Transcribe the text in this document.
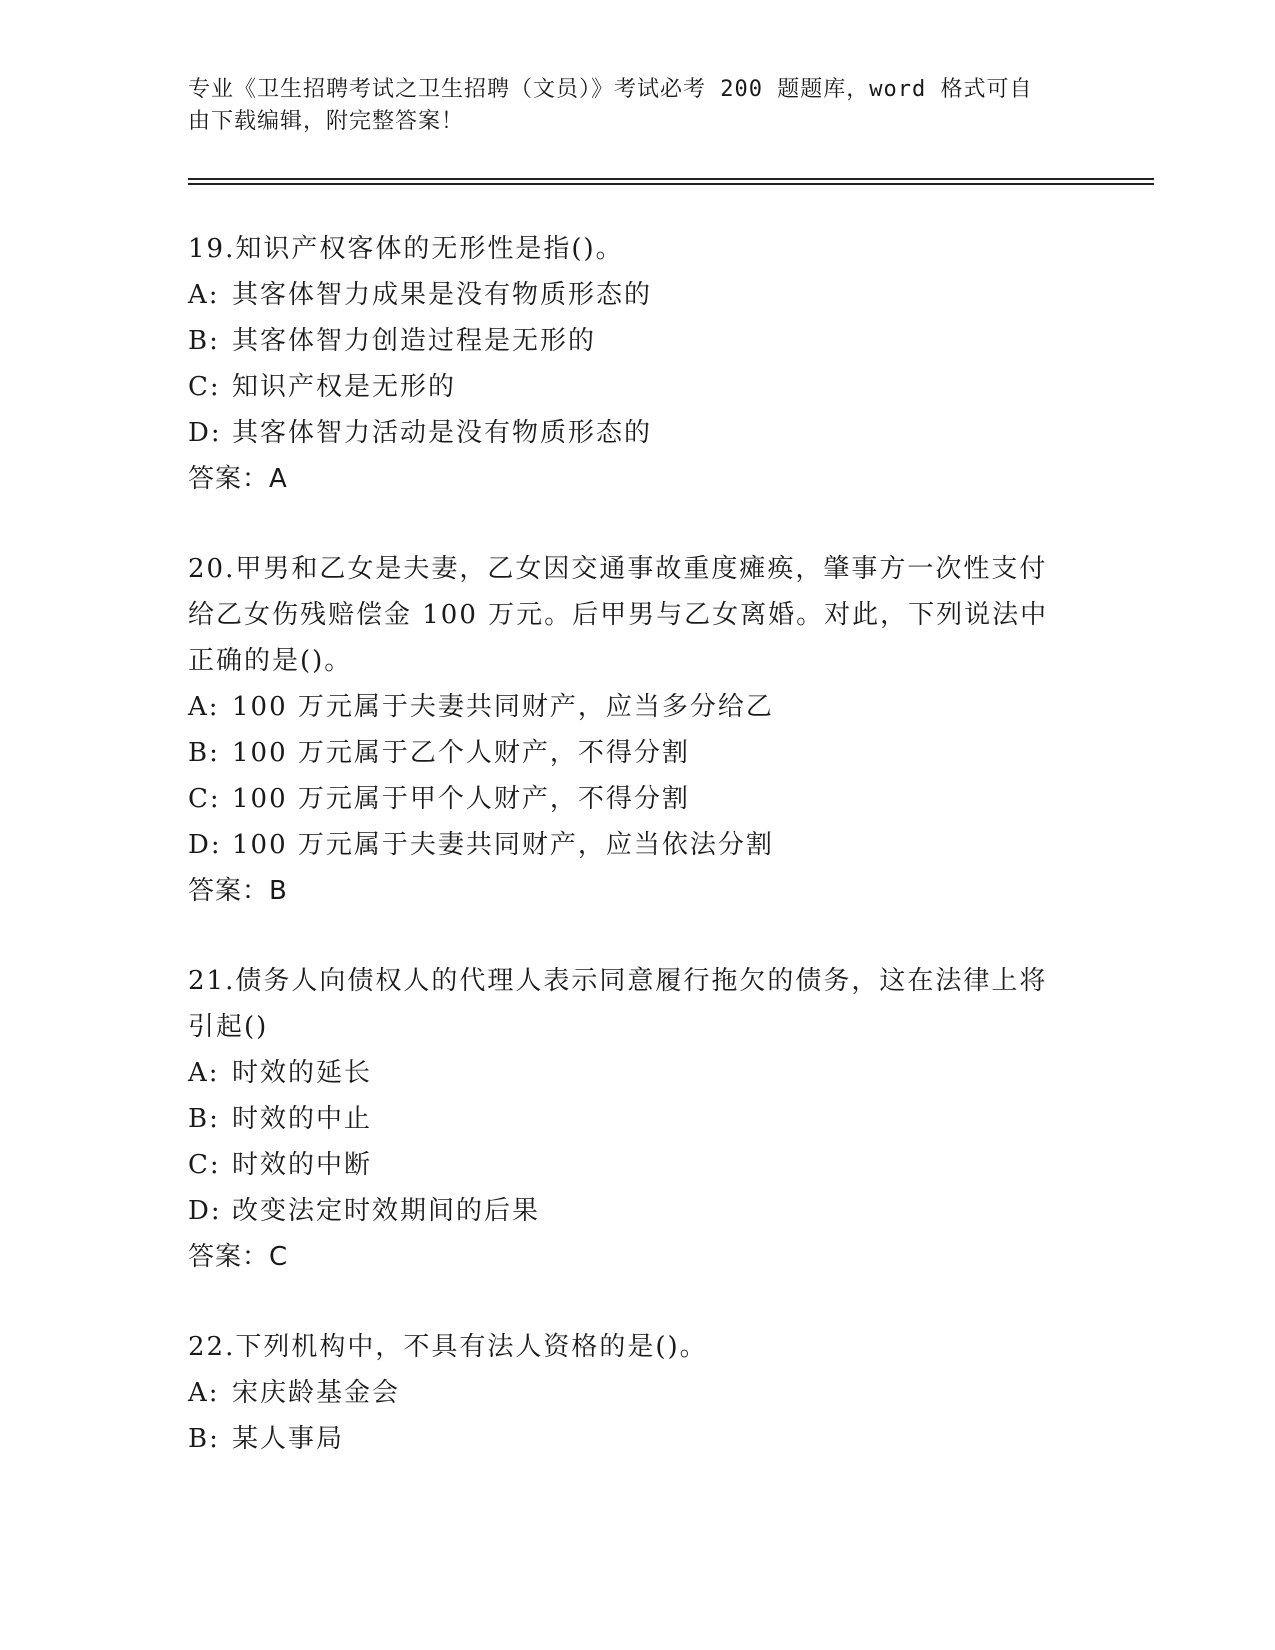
专业《卫生招聘考试之卫生招聘（文员）》考试必考 200 题题库，word 格式可自
由下载编辑，附完整答案！

19.知识产权客体的无形性是指()。

A: 其客体智力成果是没有物质形态的

B: 其客体智力创造过程是无形的

C: 知识产权是无形的

D: 其客体智力活动是没有物质形态的

答案：A

20.甲男和乙女是夫妻，乙女因交通事故重度瘫痪，肇事方一次性支付

给乙女伤残赔偿金 100 万元。后甲男与乙女离婚。对此，下列说法中

正确的是()。

A: 100 万元属于夫妻共同财产，应当多分给乙

B: 100 万元属于乙个人财产，不得分割

C: 100 万元属于甲个人财产，不得分割

D: 100 万元属于夫妻共同财产，应当依法分割

答案：B

21.债务人向债权人的代理人表示同意履行拖欠的债务，这在法律上将

引起()

A: 时效的延长

B: 时效的中止

C: 时效的中断

D: 改变法定时效期间的后果

答案：C

22.下列机构中，不具有法人资格的是()。

A: 宋庆龄基金会

B: 某人事局
